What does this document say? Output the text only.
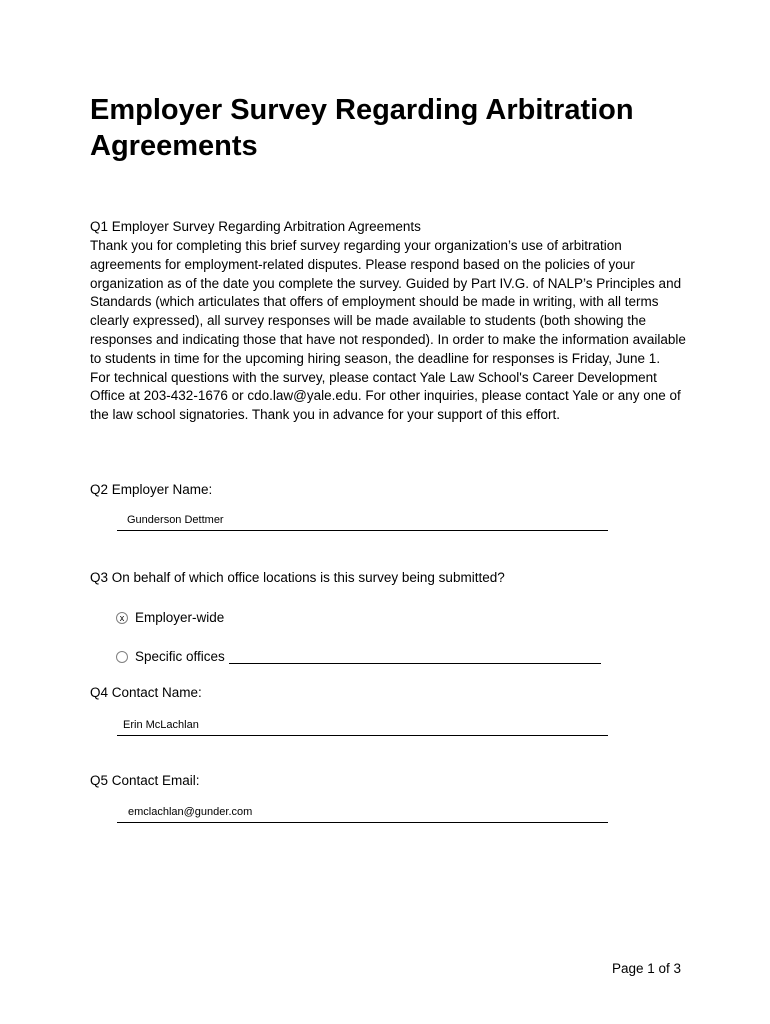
Employer Survey Regarding Arbitration Agreements
Q1 Employer Survey Regarding Arbitration Agreements

Thank you for completing this brief survey regarding your organization’s use of arbitration agreements for employment-related disputes. Please respond based on the policies of your organization as of the date you complete the survey. Guided by Part IV.G. of NALP’s Principles and Standards (which articulates that offers of employment should be made in writing, with all terms clearly expressed), all survey responses will be made available to students (both showing the responses and indicating those that have not responded). In order to make the information available to students in time for the upcoming hiring season, the deadline for responses is Friday, June 1.

For technical questions with the survey, please contact Yale Law School's Career Development Office at 203-432-1676 or cdo.law@yale.edu. For other inquiries, please contact Yale or any one of the law school signatories. Thank you in advance for your support of this effort.

Q2 Employer Name:
Gunderson Dettmer
Q3 On behalf of which office locations is this survey being submitted?
x Employer-wide
Specific offices
Q4 Contact Name:
Erin McLachlan
Q5 Contact Email:
emclachlan@gunder.com
Page 1 of 3
